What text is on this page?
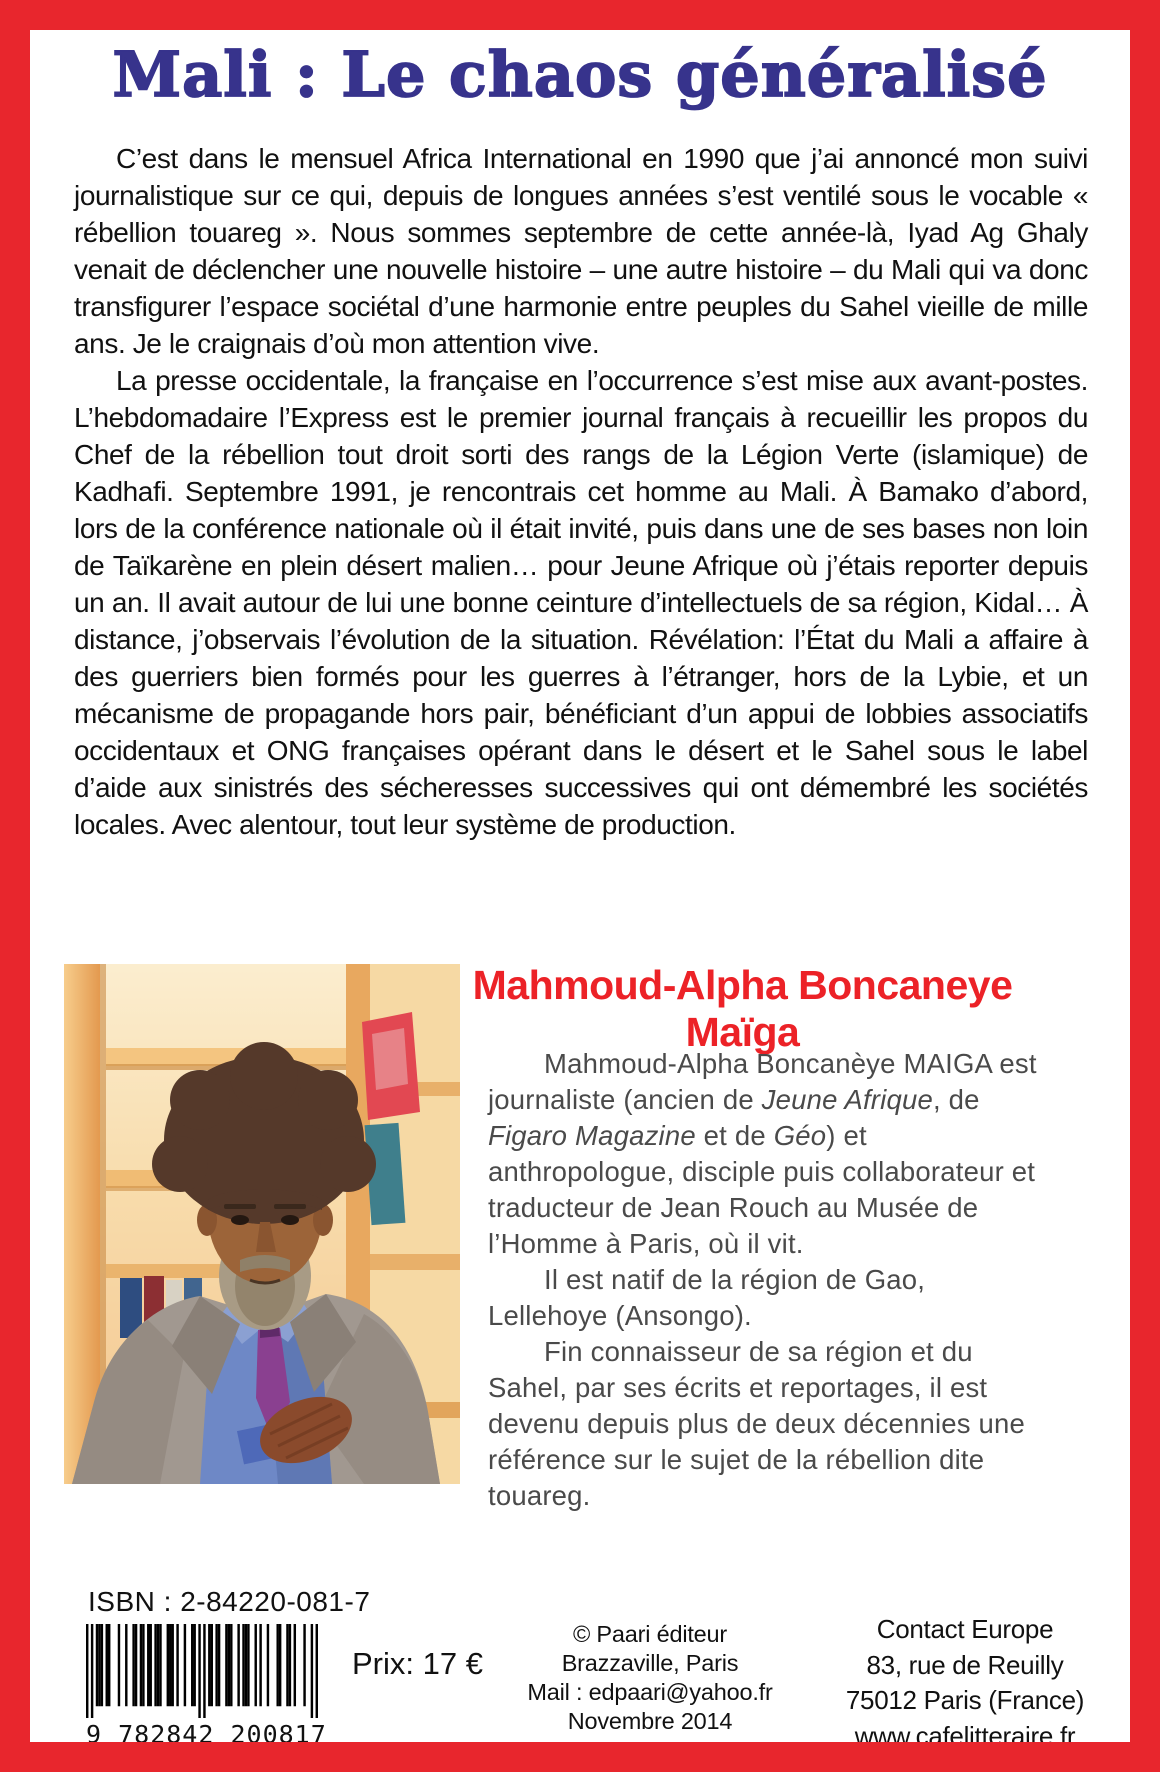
Mali : Le chaos généralisé

C’est dans le mensuel Africa International en 1990 que j’ai annoncé mon suivi journalistique sur ce qui, depuis de longues années s’est ventilé sous le vocable « rébellion touareg ». Nous sommes septembre de cette année-là, Iyad Ag Ghaly venait de déclencher une nouvelle histoire – une autre histoire – du Mali qui va donc transfigurer l’espace sociétal d’une harmonie entre peuples du Sahel vieille de mille ans. Je le craignais d’où mon attention vive.

La presse occidentale, la française en l’occurrence s’est mise aux avant-postes. L’hebdomadaire l’Express est le premier journal français à recueillir les propos du Chef de la rébellion tout droit sorti des rangs de la Légion Verte (islamique) de Kadhafi. Septembre 1991, je rencontrais cet homme au Mali. À Bamako d’abord, lors de la conférence nationale où il était invité, puis dans une de ses bases non loin de Taïkarène en plein désert malien… pour Jeune Afrique où j’étais reporter depuis un an. Il avait autour de lui une bonne ceinture d’intellectuels de sa région, Kidal… À distance, j’observais l’évolution de la situation. Révélation: l’État du Mali a affaire à des guerriers bien formés pour les guerres à l’étranger, hors de la Lybie, et un mécanisme de propagande hors pair, bénéficiant d’un appui de lobbies associatifs occidentaux et ONG françaises opérant dans le désert et le Sahel sous le label d’aide aux sinistrés des sécheresses successives qui ont démembré les sociétés locales. Avec alentour, tout leur système de production.

Mahmoud-Alpha Boncaneye Maïga

Mahmoud-Alpha Boncanèye MAIGA est journaliste (ancien de Jeune Afrique, de Figaro Magazine et de Géo) et anthropologue, disciple puis collaborateur et traducteur de Jean Rouch au Musée de l’Homme à Paris, où il vit.

Il est natif de la région de Gao, Lellehoye (Ansongo).

Fin connaisseur de sa région et du Sahel, par ses écrits et reportages, il est devenu depuis plus de deux décennies une référence sur le sujet de la rébellion dite touareg.

ISBN : 2-84220-081-7
9 782842 200817
Prix: 17 €
© Paari éditeur
Brazzaville, Paris
Mail : edpaari@yahoo.fr
Novembre 2014
Contact Europe
83, rue de Reuilly
75012 Paris (France)
www.cafelitteraire.fr
